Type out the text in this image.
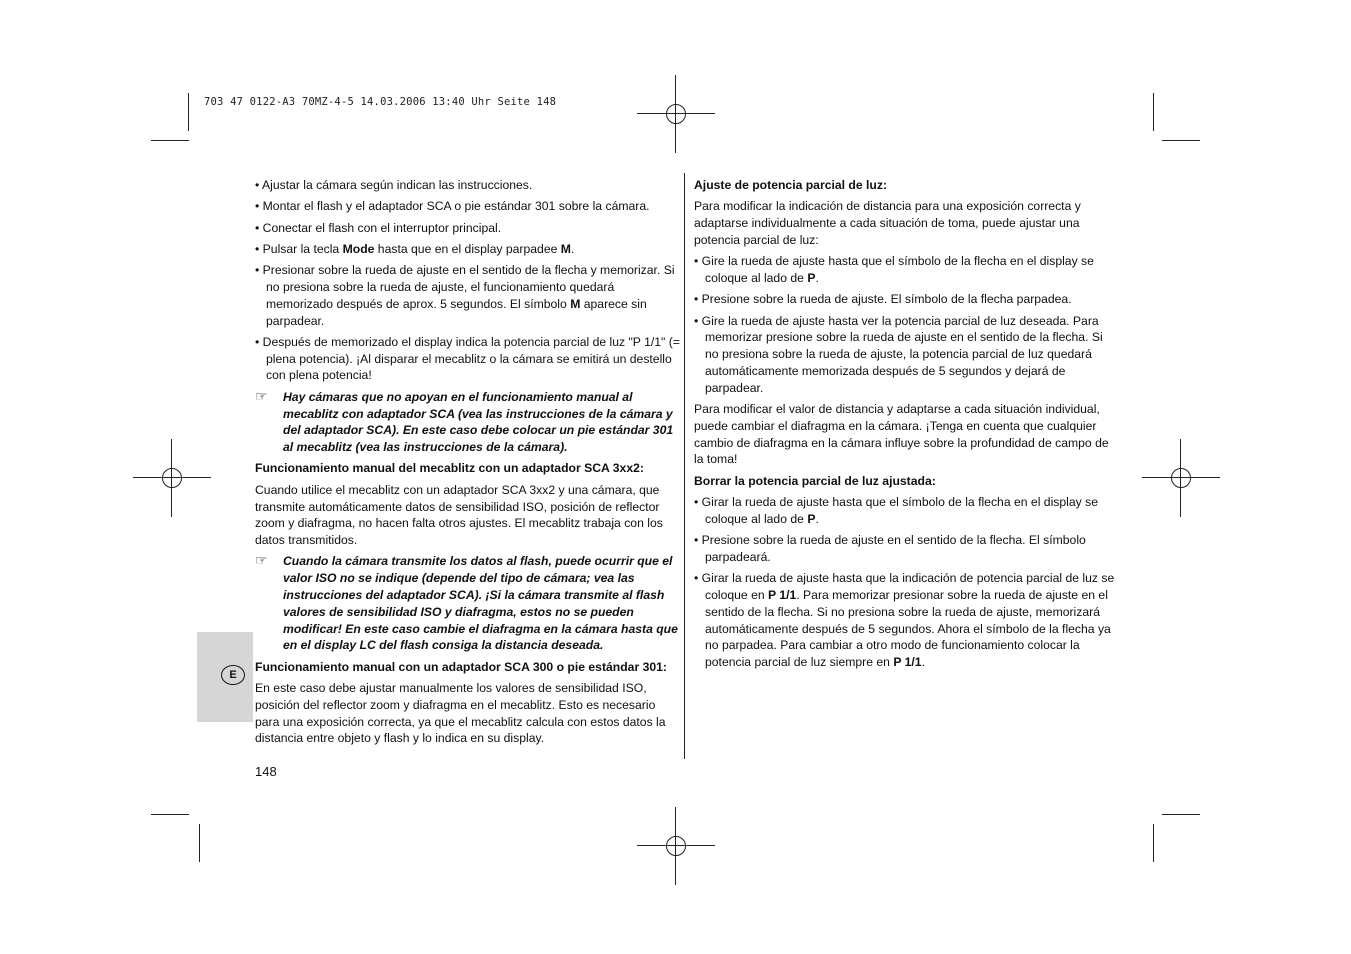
703 47 0122-A3 70MZ-4-5 14.03.2006 13:40 Uhr Seite 148
E
• Ajustar la cámara según indican las instrucciones.
• Montar el flash y el adaptador SCA o pie estándar 301 sobre la cámara.
• Conectar el flash con el interruptor principal.
• Pulsar la tecla Mode hasta que en el display parpadee M.
• Presionar sobre la rueda de ajuste en el sentido de la flecha y memorizar. Si no presiona sobre la rueda de ajuste, el funcionamiento quedará memorizado después de aprox. 5 segundos. El símbolo M aparece sin parpadear.
• Después de memorizado el display indica la potencia parcial de luz "P 1/1" (= plena potencia). ¡Al disparar el mecablitz o la cámara se emitirá un destello con plena potencia!
☞ Hay cámaras que no apoyan en el funcionamiento manual al mecablitz con adaptador SCA (vea las instrucciones de la cámara y del adaptador SCA). En este caso debe colocar un pie estándar 301 al mecablitz (vea las instrucciones de la cámara).
Funcionamiento manual del mecablitz con un adaptador SCA 3xx2:
Cuando utilice el mecablitz con un adaptador SCA 3xx2 y una cámara, que transmite automáticamente datos de sensibilidad ISO, posición de reflector zoom y diafragma, no hacen falta otros ajustes. El mecablitz trabaja con los datos transmitidos.
☞ Cuando la cámara transmite los datos al flash, puede ocurrir que el valor ISO no se indique (depende del tipo de cámara; vea las instrucciones del adaptador SCA). ¡Si la cámara transmite al flash valores de sensibilidad ISO y diafragma, estos no se pueden modificar! En este caso cambie el diafragma en la cámara hasta que en el display LC del flash consiga la distancia deseada.
Funcionamiento manual con un adaptador SCA 300 o pie estándar 301:
En este caso debe ajustar manualmente los valores de sensibilidad ISO, posición del reflector zoom y diafragma en el mecablitz. Esto es necesario para una exposición correcta, ya que el mecablitz calcula con estos datos la distancia entre objeto y flash y lo indica en su display.
Ajuste de potencia parcial de luz:
Para modificar la indicación de distancia para una exposición correcta y adaptarse individualmente a cada situación de toma, puede ajustar una potencia parcial de luz:
• Gire la rueda de ajuste hasta que el símbolo de la flecha en el display se coloque al lado de P.
• Presione sobre la rueda de ajuste. El símbolo de la flecha parpadea.
• Gire la rueda de ajuste hasta ver la potencia parcial de luz deseada. Para memorizar presione sobre la rueda de ajuste en el sentido de la flecha. Si no presiona sobre la rueda de ajuste, la potencia parcial de luz quedará automáticamente memorizada después de 5 segundos y dejará de parpadear.
Para modificar el valor de distancia y adaptarse a cada situación individual, puede cambiar el diafragma en la cámara. ¡Tenga en cuenta que cualquier cambio de diafragma en la cámara influye sobre la profundidad de campo de la toma!
Borrar la potencia parcial de luz ajustada:
• Girar la rueda de ajuste hasta que el símbolo de la flecha en el display se coloque al lado de P.
• Presione sobre la rueda de ajuste en el sentido de la flecha. El símbolo parpadeará.
• Girar la rueda de ajuste hasta que la indicación de potencia parcial de luz se coloque en P 1/1. Para memorizar presionar sobre la rueda de ajuste en el sentido de la flecha. Si no presiona sobre la rueda de ajuste, memorizará automáticamente después de 5 segundos. Ahora el símbolo de la flecha ya no parpadea. Para cambiar a otro modo de funcionamiento colocar la potencia parcial de luz siempre en P 1/1.
148
